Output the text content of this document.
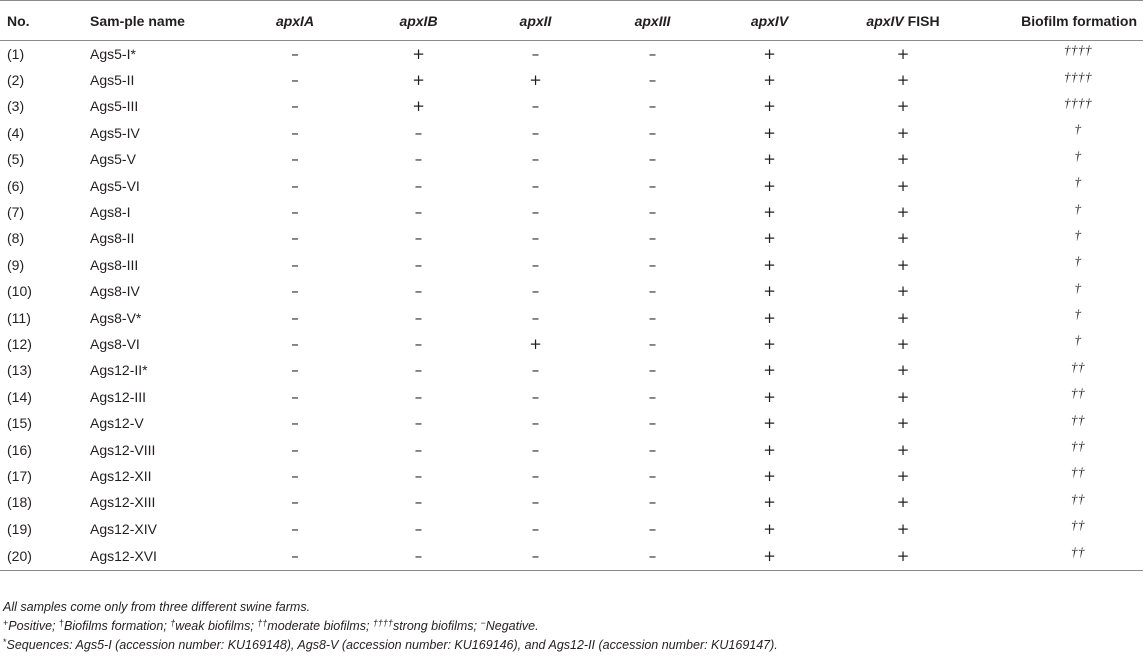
No.	Sam-ple name	apxIA	apxIB	apxII	apxIII	apxIV	apxIV FISH	Biofilm formation
(1)	Ags5-I*	–	+	–	–	+	+	††††
(2)	Ags5-II	–	+	+	–	+	+	††††
(3)	Ags5-III	–	+	–	–	+	+	††††
(4)	Ags5-IV	–	–	–	–	+	+	†
(5)	Ags5-V	–	–	–	–	+	+	†
(6)	Ags5-VI	–	–	–	–	+	+	†
(7)	Ags8-I	–	–	–	–	+	+	†
(8)	Ags8-II	–	–	–	–	+	+	†
(9)	Ags8-III	–	–	–	–	+	+	†
(10)	Ags8-IV	–	–	–	–	+	+	†
(11)	Ags8-V*	–	–	–	–	+	+	†
(12)	Ags8-VI	–	–	+	–	+	+	†
(13)	Ags12-II*	–	–	–	–	+	+	††
(14)	Ags12-III	–	–	–	–	+	+	††
(15)	Ags12-V	–	–	–	–	+	+	††
(16)	Ags12-VIII	–	–	–	–	+	+	††
(17)	Ags12-XII	–	–	–	–	+	+	††
(18)	Ags12-XIII	–	–	–	–	+	+	††
(19)	Ags12-XIV	–	–	–	–	+	+	††
(20)	Ags12-XVI	–	–	–	–	+	+	††
All samples come only from three different swine farms.
+Positive; †Biofilms formation; †weak biofilms; ††moderate biofilms; ††††strong biofilms; −Negative.
*Sequences: Ags5-I (accession number: KU169148), Ags8-V (accession number: KU169146), and Ags12-II (accession number: KU169147).
